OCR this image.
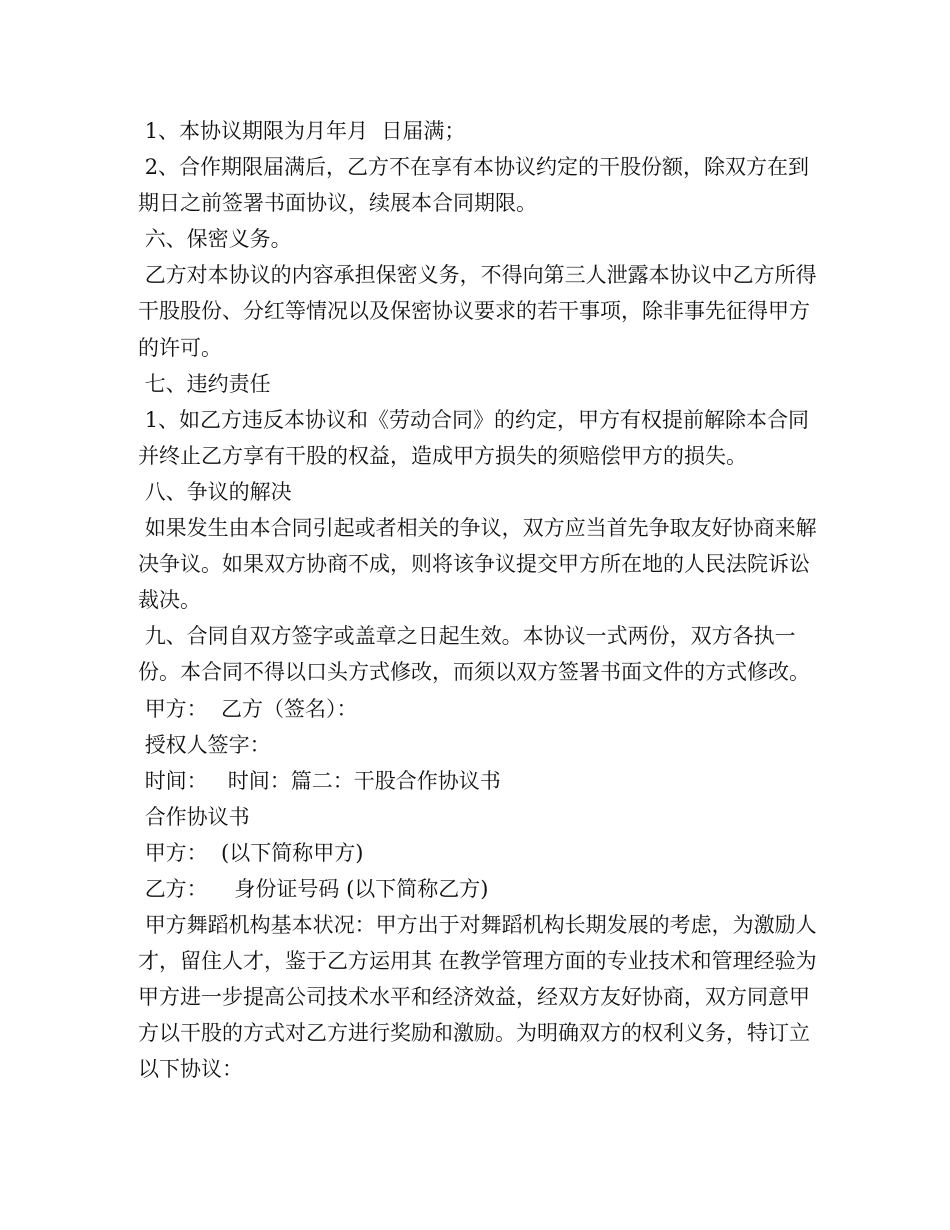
1、本协议期限为月年月  日届满；

2、合作期限届满后，乙方不在享有本协议约定的干股份额，除双方在到期日之前签署书面协议，续展本合同期限。

六、保密义务。

乙方对本协议的内容承担保密义务，不得向第三人泄露本协议中乙方所得干股股份、分红等情况以及保密协议要求的若干事项，除非事先征得甲方的许可。

七、违约责任

1、如乙方违反本协议和《劳动合同》的约定，甲方有权提前解除本合同并终止乙方享有干股的权益，造成甲方损失的须赔偿甲方的损失。

八、争议的解决

如果发生由本合同引起或者相关的争议，双方应当首先争取友好协商来解决争议。如果双方协商不成，则将该争议提交甲方所在地的人民法院诉讼裁决。

九、合同自双方签字或盖章之日起生效。本协议一式两份，双方各执一份。本合同不得以口头方式修改，而须以双方签署书面文件的方式修改。

甲方：  乙方（签名）：

授权人签字：

时间：   时间：篇二：干股合作协议书

合作协议书

甲方：  (以下简称甲方)

乙方：    身份证号码 (以下简称乙方)

甲方舞蹈机构基本状况：甲方出于对舞蹈机构长期发展的考虑，为激励人才，留住人才，鉴于乙方运用其 在教学管理方面的专业技术和管理经验为甲方进一步提高公司技术水平和经济效益，经双方友好协商，双方同意甲方以干股的方式对乙方进行奖励和激励。为明确双方的权利义务，特订立以下协议：
